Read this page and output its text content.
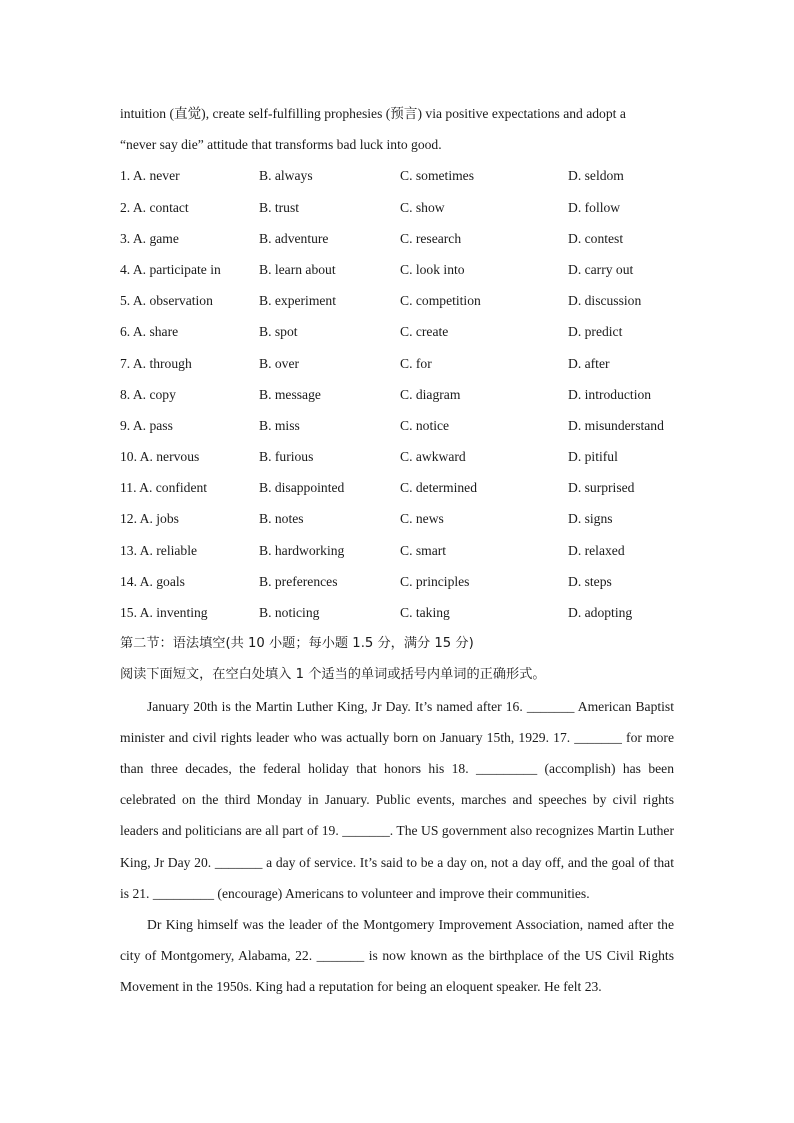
intuition (直觉), create self-fulfilling prophesies (预言) via positive expectations and adopt a
“never say die” attitude that transforms bad luck into good.
1. A. never	B. always	C. sometimes	D. seldom
2. A. contact	B. trust	C. show	D. follow
3. A. game	B. adventure	C. research	D. contest
4. A. participate in	B. learn about	C. look into	D. carry out
5. A. observation	B. experiment	C. competition	D. discussion
6. A. share	B. spot	C. create	D. predict
7. A. through	B. over	C. for	D. after
8. A. copy	B. message	C. diagram	D. introduction
9. A. pass	B. miss	C. notice	D. misunderstand
10. A. nervous	B. furious	C. awkward	D. pitiful
11. A. confident	B. disappointed	C. determined	D. surprised
12. A. jobs	B. notes	C. news	D. signs
13. A. reliable	B. hardworking	C. smart	D. relaxed
14. A. goals	B. preferences	C. principles	D. steps
15. A. inventing	B. noticing	C. taking	D. adopting
第二节：语法填空(共 10 小题；每小题 1.5 分，满分 15 分)
阅读下面短文，在空白处填入 1 个适当的单词或括号内单词的正确形式。

January 20th is the Martin Luther King, Jr Day. It’s named after 16. _______ American Baptist minister and civil rights leader who was actually born on January 15th, 1929. 17. _______ for more than three decades, the federal holiday that honors his 18. _________ (accomplish) has been celebrated on the third Monday in January. Public events, marches and speeches by civil rights leaders and politicians are all part of 19. _______. The US government also recognizes Martin Luther King, Jr Day 20. _______ a day of service. It’s said to be a day on, not a day off, and the goal of that is 21. _________ (encourage) Americans to volunteer and improve their communities.

Dr King himself was the leader of the Montgomery Improvement Association, named after the city of Montgomery, Alabama, 22. _______ is now known as the birthplace of the US Civil Rights Movement in the 1950s. King had a reputation for being an eloquent speaker. He felt 23.
